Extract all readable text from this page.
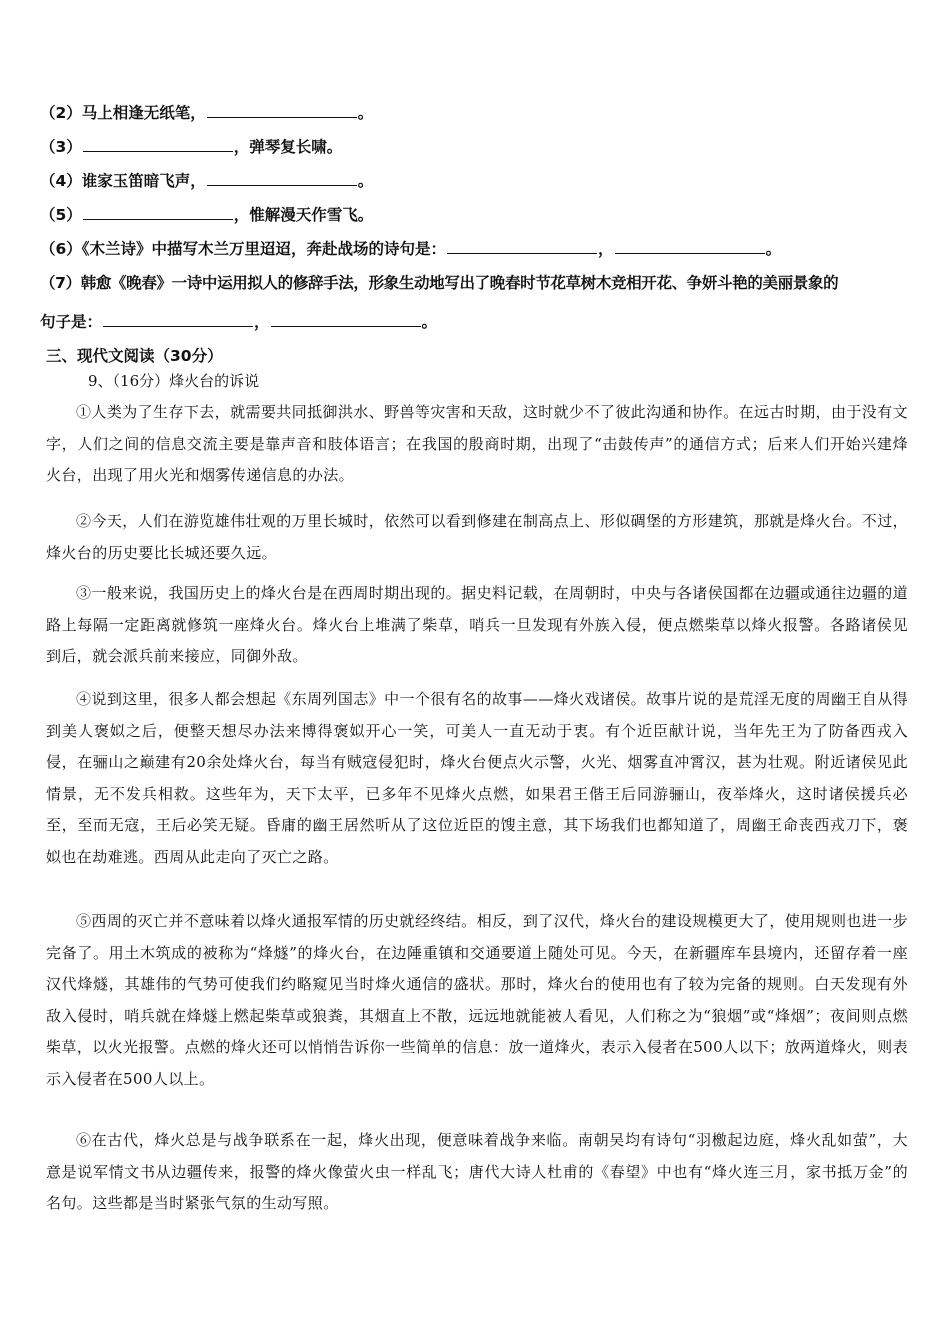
（2）马上相逢无纸笔，	。
（3）	，弹琴复长啸。
（4）谁家玉笛暗飞声，	。
（5）	，惟解漫天作雪飞。
（6）《木兰诗》中描写木兰万里迢迢，奔赴战场的诗句是：	，	。
（7）韩愈《晚春》一诗中运用拟人的修辞手法，形象生动地写出了晚春时节花草树木竞相开花、争妍斗艳的美丽景象的
句子是：	，	。
三、现代文阅读（30分）
9、（16分）烽火台的诉说
①人类为了生存下去，就需要共同抵御洪水、野兽等灾害和天敌，这时就少不了彼此沟通和协作。在远古时期，由于没有文字，人们之间的信息交流主要是靠声音和肢体语言；在我国的殷商时期，出现了“击鼓传声”的通信方式；后来人们开始兴建烽火台，出现了用火光和烟雾传递信息的办法。
②今天，人们在游览雄伟壮观的万里长城时，依然可以看到修建在制高点上、形似碉堡的方形建筑，那就是烽火台。不过，烽火台的历史要比长城还要久远。
③一般来说，我国历史上的烽火台是在西周时期出现的。据史料记载，在周朝时，中央与各诸侯国都在边疆或通往边疆的道路上每隔一定距离就修筑一座烽火台。烽火台上堆满了柴草，哨兵一旦发现有外族入侵，便点燃柴草以烽火报警。各路诸侯见到后，就会派兵前来接应，同御外敌。
④说到这里，很多人都会想起《东周列国志》中一个很有名的故事——烽火戏诸侯。故事片说的是荒淫无度的周幽王自从得到美人褒姒之后，便整天想尽办法来博得褒姒开心一笑，可美人一直无动于衷。有个近臣献计说，当年先王为了防备西戎入侵，在骊山之巅建有20余处烽火台，每当有贼寇侵犯时，烽火台便点火示警，火光、烟雾直冲霄汉，甚为壮观。附近诸侯见此情景，无不发兵相救。这些年为，天下太平，已多年不见烽火点燃，如果君王偕王后同游骊山，夜举烽火，这时诸侯援兵必至，至而无寇，王后必笑无疑。昏庸的幽王居然听从了这位近臣的馊主意，其下场我们也都知道了，周幽王命丧西戎刀下，褒姒也在劫难逃。西周从此走向了灭亡之路。
⑤西周的灭亡并不意味着以烽火通报军情的历史就经终结。相反，到了汉代，烽火台的建设规模更大了，使用规则也进一步完备了。用土木筑成的被称为“烽燧”的烽火台，在边陲重镇和交通要道上随处可见。今天，在新疆库车县境内，还留存着一座汉代烽燧，其雄伟的气势可使我们约略窥见当时烽火通信的盛状。那时，烽火台的使用也有了较为完备的规则。白天发现有外敌入侵时，哨兵就在烽燧上燃起柴草或狼粪，其烟直上不散，远远地就能被人看见，人们称之为“狼烟”或“烽烟”；夜间则点燃柴草，以火光报警。点燃的烽火还可以悄悄告诉你一些简单的信息：放一道烽火，表示入侵者在500人以下；放两道烽火，则表示入侵者在500人以上。
⑥在古代，烽火总是与战争联系在一起，烽火出现，便意味着战争来临。南朝吴均有诗句“羽檄起边庭，烽火乱如萤”，大意是说军情文书从边疆传来，报警的烽火像萤火虫一样乱飞；唐代大诗人杜甫的《春望》中也有“烽火连三月，家书抵万金”的名句。这些都是当时紧张气氛的生动写照。
